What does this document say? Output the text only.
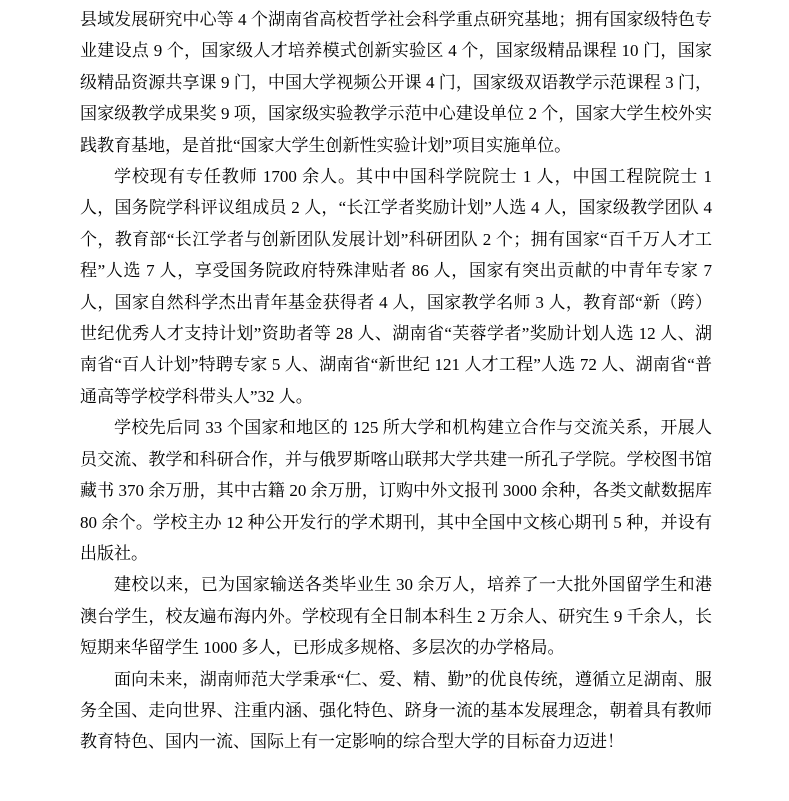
县域发展研究中心等 4 个湖南省高校哲学社会科学重点研究基地；拥有国家级特色专业建设点 9 个，国家级人才培养模式创新实验区 4 个，国家级精品课程 10 门，国家级精品资源共享课 9 门，中国大学视频公开课 4 门，国家级双语教学示范课程 3 门，国家级教学成果奖 9 项，国家级实验教学示范中心建设单位 2 个，国家大学生校外实践教育基地，是首批“国家大学生创新性实验计划”项目实施单位。

学校现有专任教师 1700 余人。其中中国科学院院士 1 人，中国工程院院士 1 人，国务院学科评议组成员 2 人，“长江学者奖励计划”人选 4 人，国家级教学团队 4 个，教育部“长江学者与创新团队发展计划”科研团队 2 个；拥有国家“百千万人才工程”人选 7 人，享受国务院政府特殊津贴者 86 人，国家有突出贡献的中青年专家 7 人，国家自然科学杰出青年基金获得者 4 人，国家教学名师 3 人，教育部“新（跨）世纪优秀人才支持计划”资助者等 28 人、湖南省“芙蓉学者”奖励计划人选 12 人、湖南省“百人计划”特聘专家 5 人、湖南省“新世纪 121 人才工程”人选 72 人、湖南省“普通高等学校学科带头人”32 人。

学校先后同 33 个国家和地区的 125 所大学和机构建立合作与交流关系，开展人员交流、教学和科研合作，并与俄罗斯喀山联邦大学共建一所孔子学院。学校图书馆藏书 370 余万册，其中古籍 20 余万册，订购中外文报刊 3000 余种，各类文献数据库 80 余个。学校主办 12 种公开发行的学术期刊，其中全国中文核心期刊 5 种，并设有出版社。

建校以来，已为国家输送各类毕业生 30 余万人，培养了一大批外国留学生和港澳台学生，校友遍布海内外。学校现有全日制本科生 2 万余人、研究生 9 千余人，长短期来华留学生 1000 多人，已形成多规格、多层次的办学格局。

面向未来，湖南师范大学秉承“仁、爱、精、勤”的优良传统，遵循立足湖南、服务全国、走向世界、注重内涵、强化特色、跻身一流的基本发展理念，朝着具有教师教育特色、国内一流、国际上有一定影响的综合型大学的目标奋力迈进！
